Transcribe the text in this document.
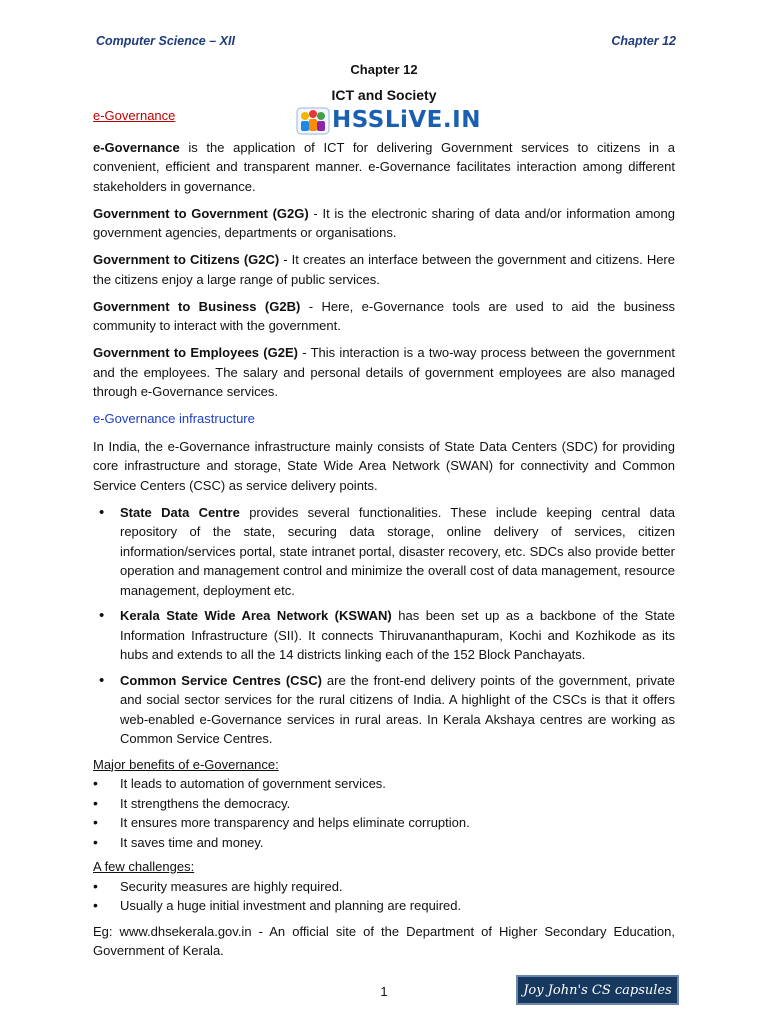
Computer Science – XII	Chapter 12
Chapter 12
ICT and Society
HSSLiVE.IN

e-Governance

e-Governance is the application of ICT for delivering Government services to citizens in a convenient, efficient and transparent manner. e-Governance facilitates interaction among different stakeholders in governance.

Government to Government (G2G) - It is the electronic sharing of data and/or information among government agencies, departments or organisations.

Government to Citizens (G2C) - It creates an interface between the government and citizens. Here the citizens enjoy a large range of public services.

Government to Business (G2B) - Here, e-Governance tools are used to aid the business community to interact with the government.

Government to Employees (G2E) - This interaction is a two-way process between the government and the employees. The salary and personal details of government employees are also managed through e-Governance services.

e-Governance infrastructure

In India, the e-Governance infrastructure mainly consists of State Data Centers (SDC) for providing core infrastructure and storage, State Wide Area Network (SWAN) for connectivity and Common Service Centers (CSC) as service delivery points.

• State Data Centre provides several functionalities. These include keeping central data repository of the state, securing data storage, online delivery of services, citizen information/services portal, state intranet portal, disaster recovery, etc. SDCs also provide better operation and management control and minimize the overall cost of data management, resource management, deployment etc.
• Kerala State Wide Area Network (KSWAN) has been set up as a backbone of the State Information Infrastructure (SII). It connects Thiruvananthapuram, Kochi and Kozhikode as its hubs and extends to all the 14 districts linking each of the 152 Block Panchayats.
• Common Service Centres (CSC) are the front-end delivery points of the government, private and social sector services for the rural citizens of India. A highlight of the CSCs is that it offers web-enabled e-Governance services in rural areas. In Kerala Akshaya centres are working as Common Service Centres.

Major benefits of e-Governance:

• It leads to automation of government services.
• It strengthens the democracy.
• It ensures more transparency and helps eliminate corruption.
• It saves time and money.

A few challenges:

• Security measures are highly required.
• Usually a huge initial investment and planning are required.

Eg: www.dhsekerala.gov.in - An official site of the Department of Higher Secondary Education, Government of Kerala.

1	Joy John's CS capsules
